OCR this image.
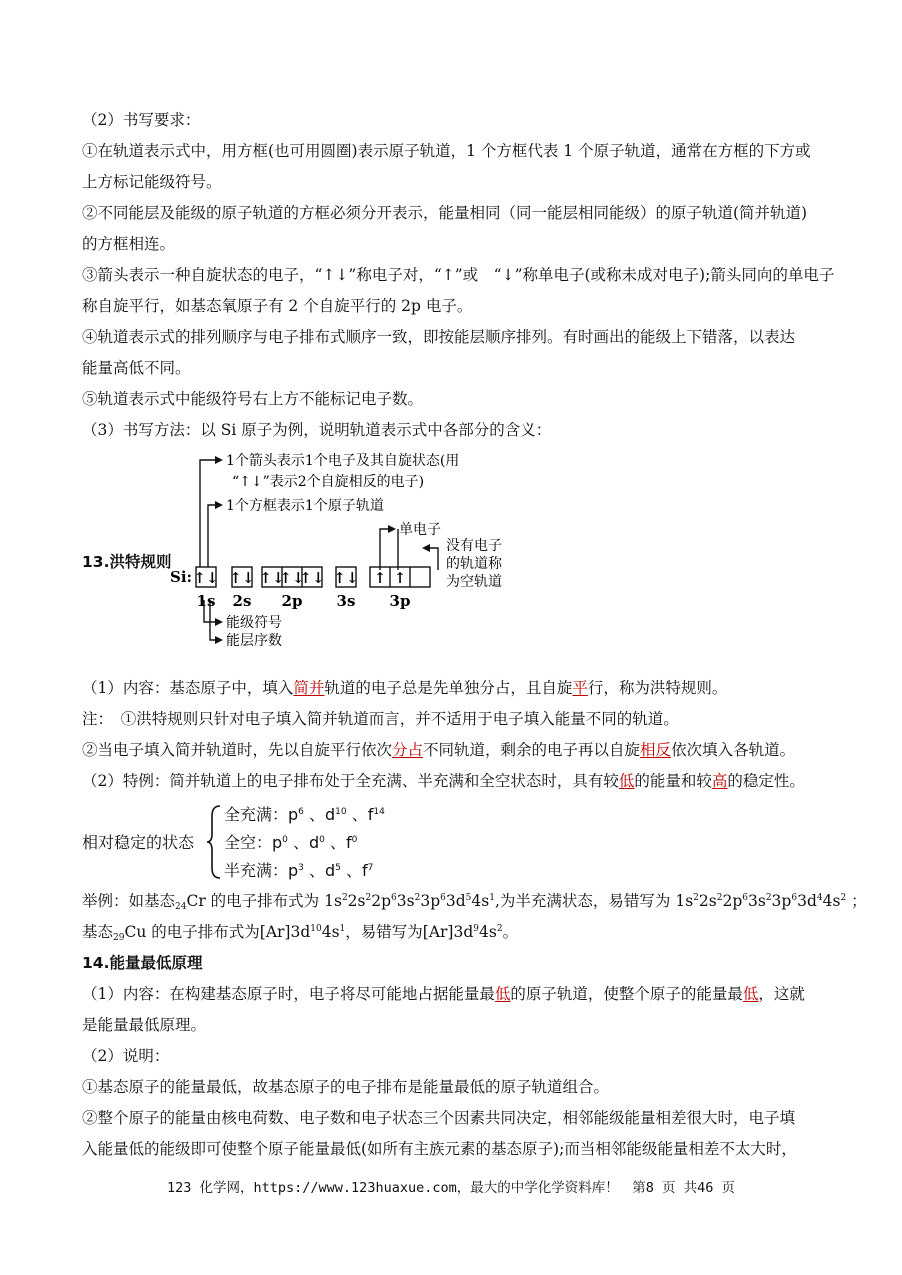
（2）书写要求：
①在轨道表示式中，用方框(也可用圆圈)表示原子轨道，1 个方框代表 1 个原子轨道，通常在方框的下方或
上方标记能级符号。
②不同能层及能级的原子轨道的方框必须分开表示，能量相同（同一能层相同能级）的原子轨道(简并轨道)
的方框相连。
③箭头表示一种自旋状态的电子，“↑↓”称电子对，“↑”或　“↓”称单电子(或称未成对电子);箭头同向的单电子
称自旋平行，如基态氧原子有 2 个自旋平行的 2p 电子。
④轨道表示式的排列顺序与电子排布式顺序一致，即按能层顺序排列。有时画出的能级上下错落，以表达
能量高低不同。
⑤轨道表示式中能级符号右上方不能标记电子数。
（3）书写方法：以 Si 原子为例，说明轨道表示式中各部分的含义：
1个箭头表示1个电子及其自旋状态(用
“↑↓”表示2个自旋相反的电子)
1个方框表示1个原子轨道
单电子
没有电子
的轨道称
为空轨道
Si: ↑↓ ↑↓ ↑↓
↑↓
↑↓ ↑↓ ↑ ↑
1s 2s 2p 3s 3p
能级符号
能层序数
13.洪特规则
（1）内容：基态原子中，填入简并轨道的电子总是先单独分占，且自旋平行，称为洪特规则。
注：　①洪特规则只针对电子填入简并轨道而言，并不适用于电子填入能量不同的轨道。
②当电子填入简并轨道时，先以自旋平行依次分占不同轨道，剩余的电子再以自旋相反依次填入各轨道。
（2）特例：简并轨道上的电子排布处于全充满、半充满和全空状态时，具有较低的能量和较高的稳定性。
相对稳定的状态
全充满：$p^6$ 、$d^{10}$ 、$f^{14}$
全空：$p^0$ 、$d^0$ 、$f^0$
半充满：$p^3$ 、$d^5$ 、$f^7$
举例：如基态$_{24}$Cr 的电子排布式为 $1s^22s^22p^63s^23p^63d^54s^1$,为半充满状态，易错写为 $1s^22s^22p^63s^23p^63d^44s^2$ ；
基态$_{29}$Cu 的电子排布式为$[Ar]3d^{10}4s^1$，易错写为$[Ar]3d^94s^2$。
14.能量最低原理
（1）内容：在构建基态原子时，电子将尽可能地占据能量最低的原子轨道，使整个原子的能量最低，这就
是能量最低原理。
（2）说明：
①基态原子的能量最低，故基态原子的电子排布是能量最低的原子轨道组合。
②整个原子的能量由核电荷数、电子数和电子状态三个因素共同决定，相邻能级能量相差很大时，电子填
入能量低的能级即可使整个原子能量最低(如所有主族元素的基态原子);而当相邻能级能量相差不太大时，
123 化学网，https://www.123huaxue.com，最大的中学化学资料库！　第8 页 共46 页
